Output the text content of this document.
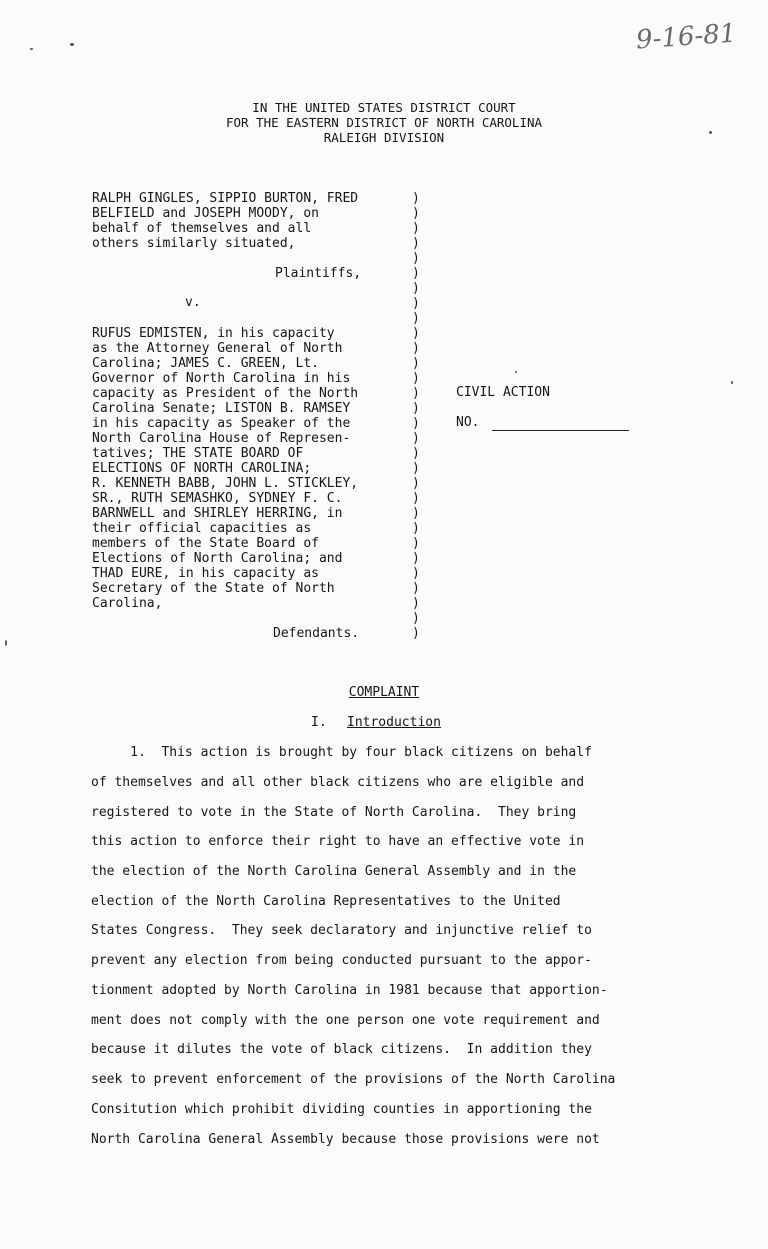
9-16-81
IN THE UNITED STATES DISTRICT COURT
FOR THE EASTERN DISTRICT OF NORTH CAROLINA
RALEIGH DIVISION
RALPH GINGLES, SIPPIO BURTON, FRED
BELFIELD and JOSEPH MOODY, on
behalf of themselves and all
others similarly situated,
Plaintiffs,
v.
RUFUS EDMISTEN, in his capacity
as the Attorney General of North
Carolina; JAMES C. GREEN, Lt.
Governor of North Carolina in his
capacity as President of the North
Carolina Senate; LISTON B. RAMSEY
in his capacity as Speaker of the
North Carolina House of Represen-
tatives; THE STATE BOARD OF
ELECTIONS OF NORTH CAROLINA;
R. KENNETH BABB, JOHN L. STICKLEY,
SR., RUTH SEMASHKO, SYDNEY F. C.
BARNWELL and SHIRLEY HERRING, in
their official capacities as
members of the State Board of
Elections of North Carolina; and
THAD EURE, in his capacity as
Secretary of the State of North
Carolina,
Defendants.
)
)
)
)
)
)
)
)
)
)
)
)
)
)
)
)
)
)
)
)
)
)
)
)
)
)
)
)
)
)
CIVIL ACTION
NO.
COMPLAINT
I. Introduction
1.  This action is brought by four black citizens on behalf
of themselves and all other black citizens who are eligible and
registered to vote in the State of North Carolina.  They bring
this action to enforce their right to have an effective vote in
the election of the North Carolina General Assembly and in the
election of the North Carolina Representatives to the United
States Congress.  They seek declaratory and injunctive relief to
prevent any election from being conducted pursuant to the appor-
tionment adopted by North Carolina in 1981 because that apportion-
ment does not comply with the one person one vote requirement and
because it dilutes the vote of black citizens.  In addition they
seek to prevent enforcement of the provisions of the North Carolina
Consitution which prohibit dividing counties in apportioning the
North Carolina General Assembly because those provisions were not
